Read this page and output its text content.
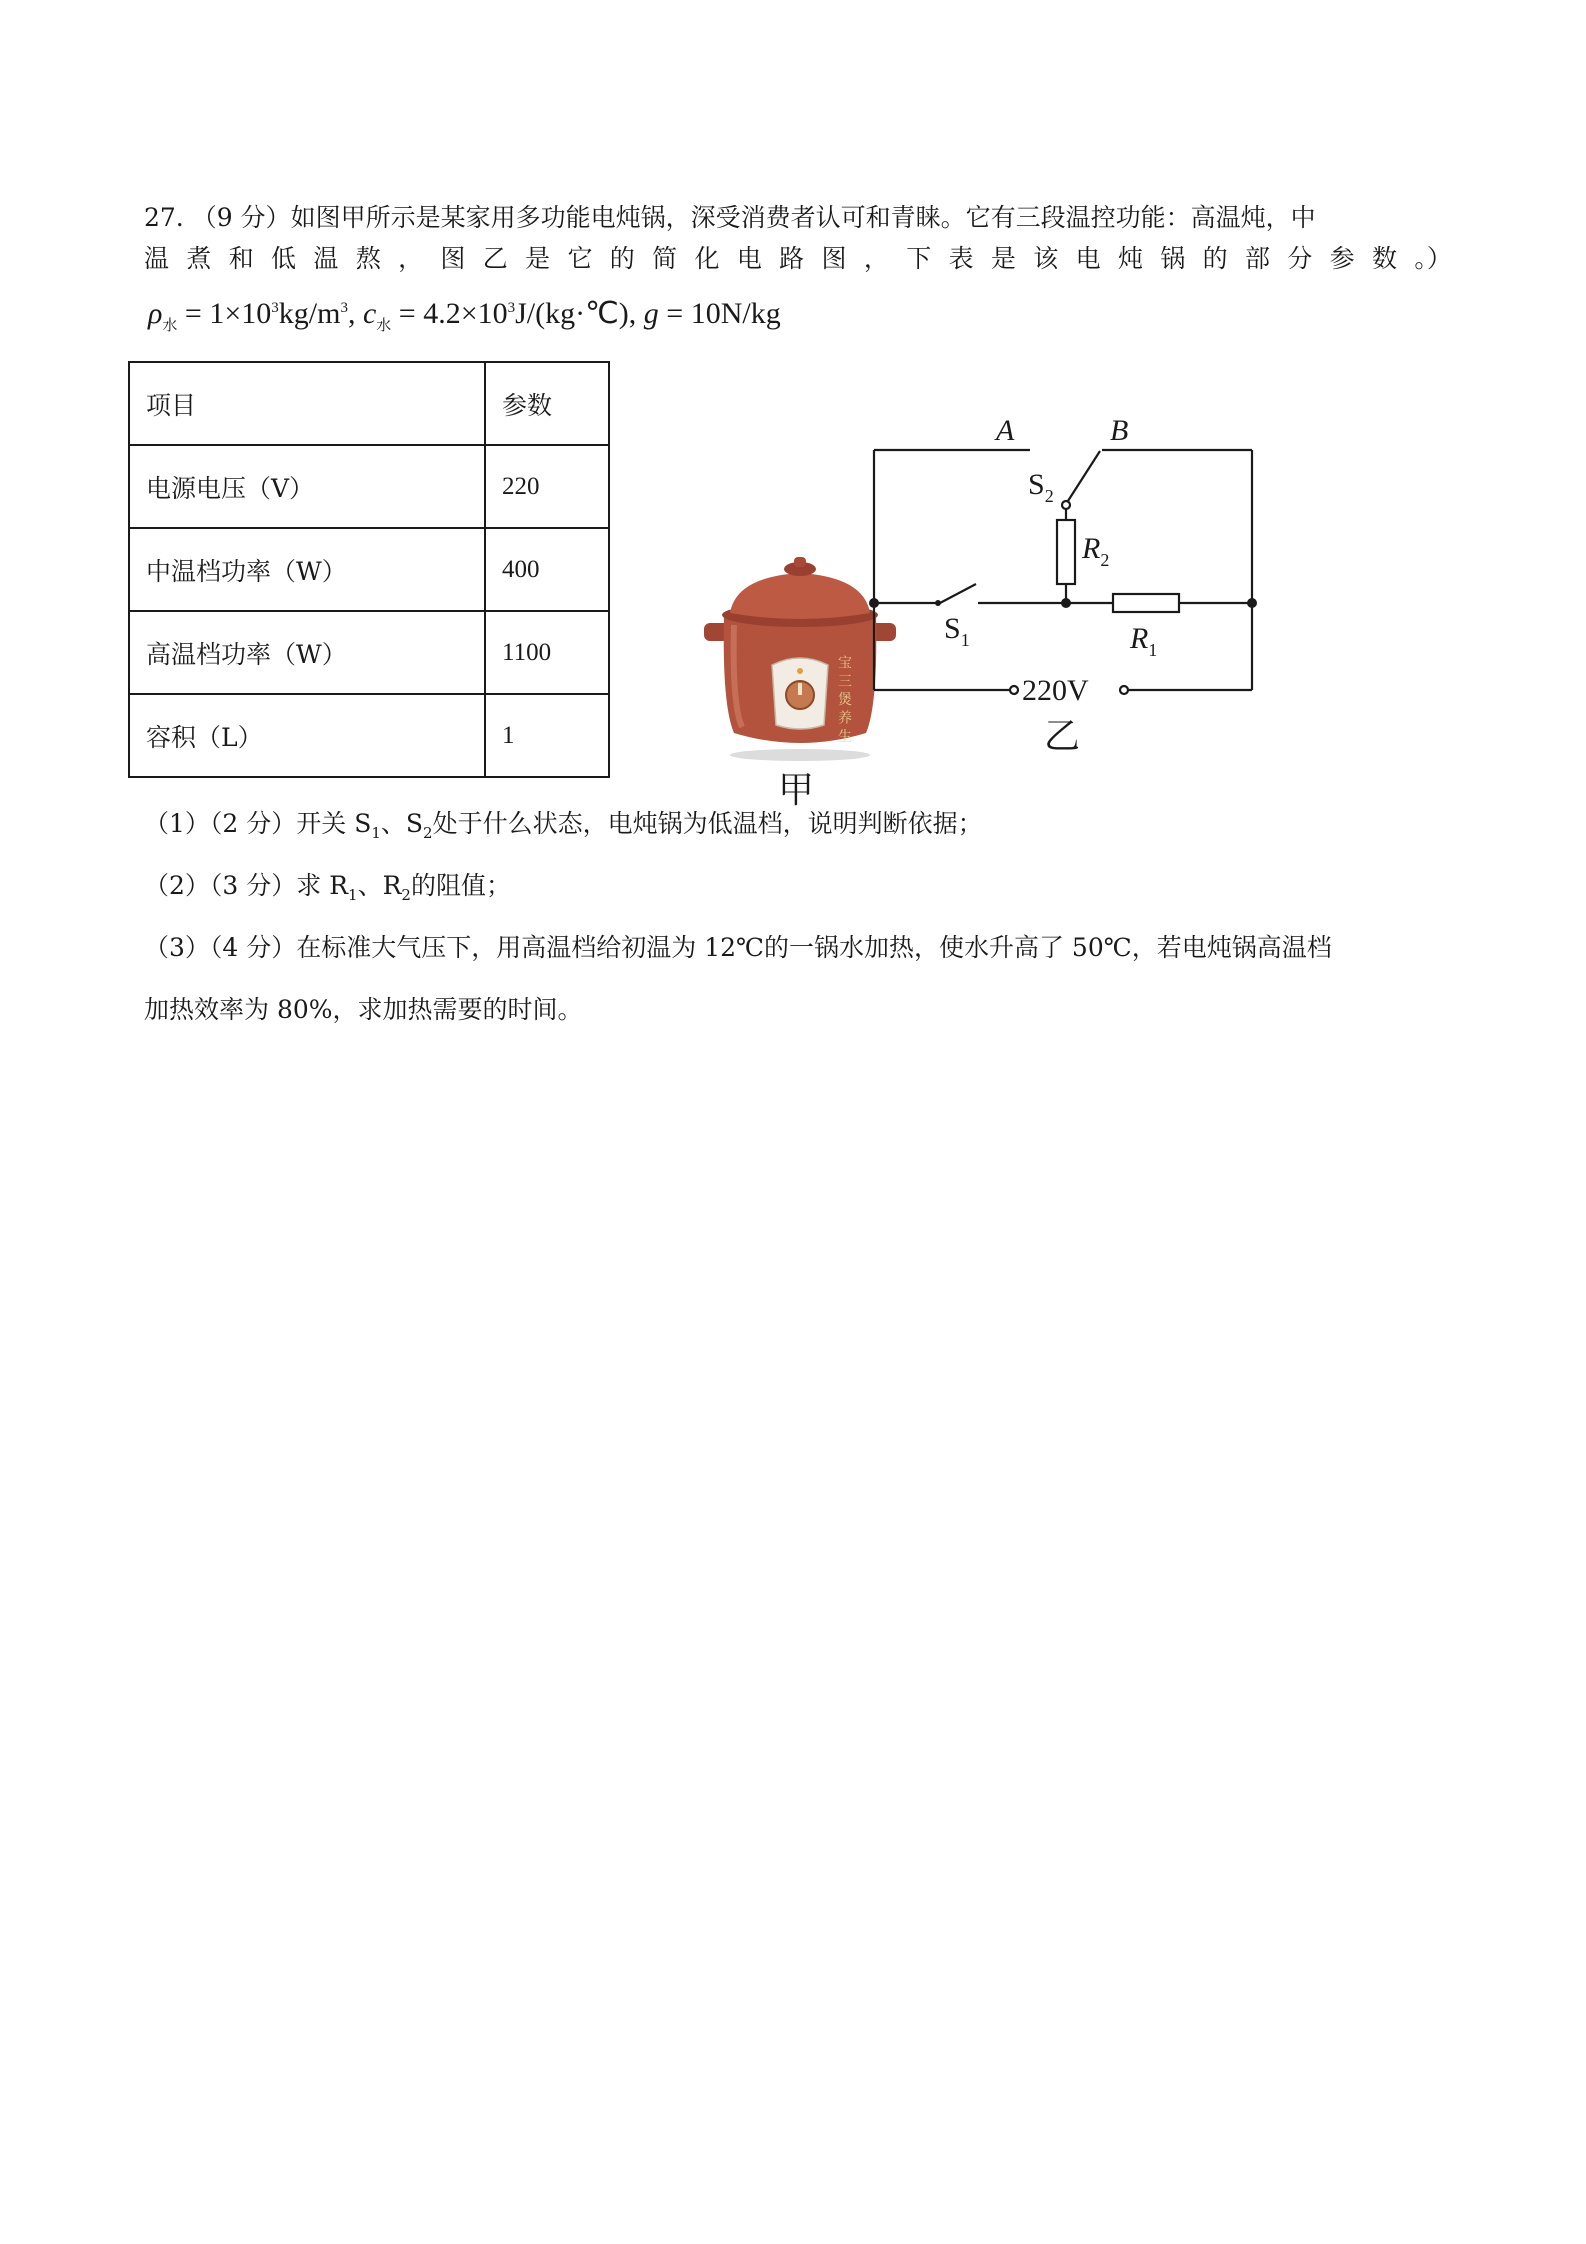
27. （9 分）如图甲所示是某家用多功能电炖锅，深受消费者认可和青睐。它有三段温控功能：高温炖，中
温 煮 和 低 温 熬 ， 图 乙 是 它 的 简 化 电 路 图 ， 下 表 是 该 电 炖 锅 的 部 分 参 数 。）
$\rho_水 = 1\times 10^3kg/m^3$, $c_水$ = $4.2\times 10^3J/(kg\cdot℃)$, g = 10N/kg
项目	参数
电源电压（V）	220
中温档功率（W）	400
高温档功率（W）	1100
容积（L）	1	宝 三 煲 养 生
甲
A	B
$S_2$
$R_2$
$S_1$	$R_1$
220V
乙
（1）（2 分）开关 $S_1$、$S_2$处于什么状态，电炖锅为低温档，说明判断依据；
（2）（3 分）求 $R_1$、$R_2$的阻值；
（3）（4 分）在标准大气压下，用高温档给初温为 12℃的一锅水加热，使水升高了 50℃，若电炖锅高温档
加热效率为 80%，求加热需要的时间。
